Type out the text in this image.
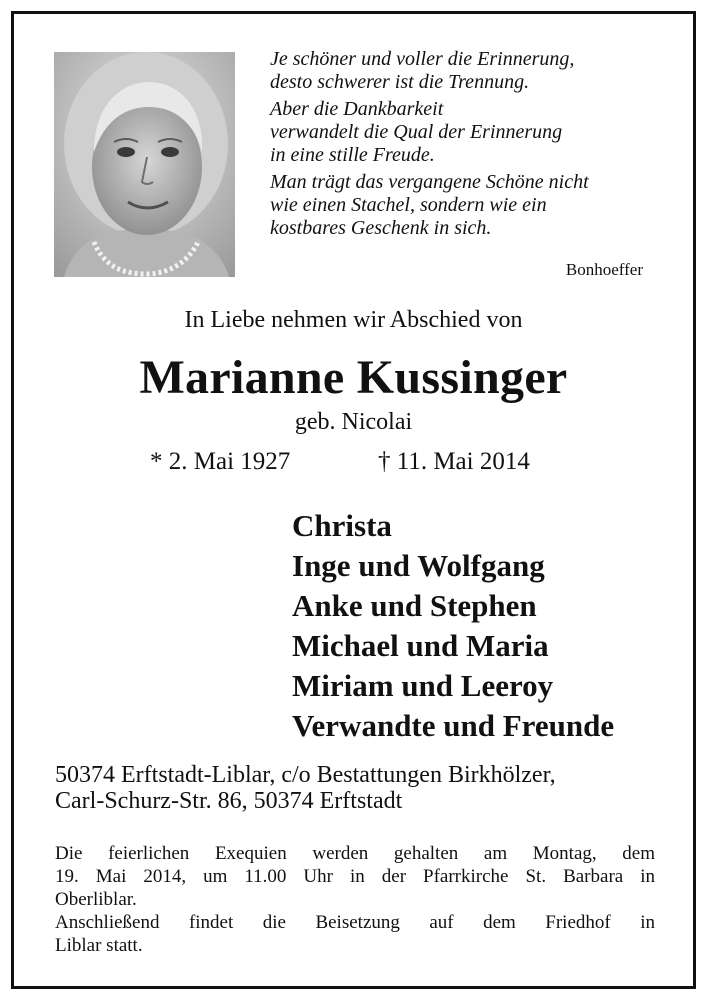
Je schöner und voller die Erinnerung,
desto schwerer ist die Trennung.

Aber die Dankbarkeit
verwandelt die Qual der Erinnerung
in eine stille Freude.

Man trägt das vergangene Schöne nicht
wie einen Stachel, sondern wie ein
kostbares Geschenk in sich.

Bonhoeffer
In Liebe nehmen wir Abschied von
Marianne Kussinger
geb. Nicolai
* 2. Mai 1927	† 11. Mai 2014
Christa
Inge und Wolfgang
Anke und Stephen
Michael und Maria
Miriam und Leeroy
Verwandte und Freunde
50374 Erftstadt-Liblar, c/o Bestattungen Birkhölzer,
Carl-Schurz-Str. 86, 50374 Erftstadt
Die feierlichen Exequien werden gehalten am Montag, dem
19. Mai 2014, um 11.00 Uhr in der Pfarrkirche St. Barbara in
Oberliblar.
Anschließend findet die Beisetzung auf dem Friedhof in
Liblar statt.
